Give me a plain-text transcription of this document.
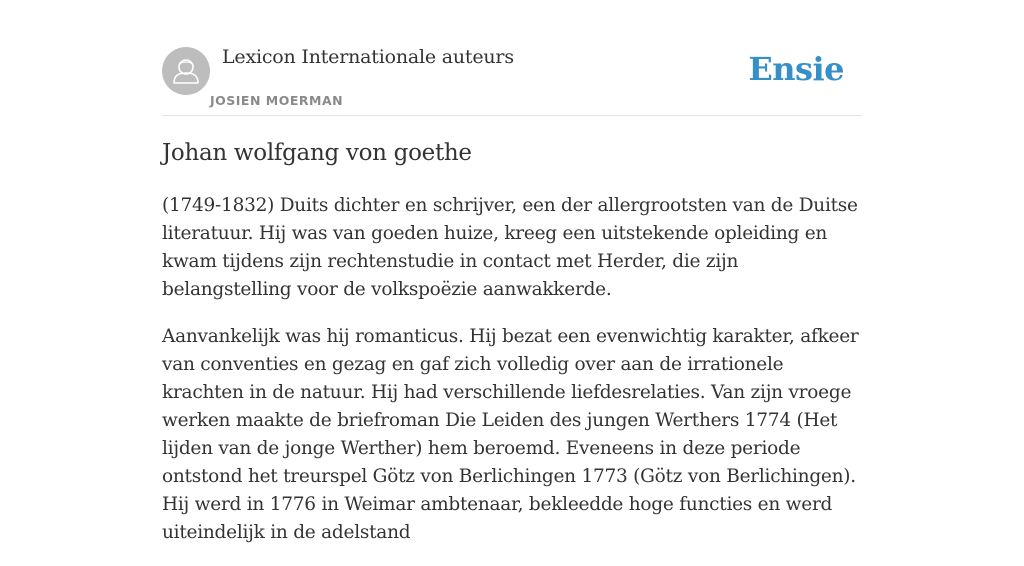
Lexicon Internationale auteurs
JOSIEN MOERMAN
Ensie
Johan wolfgang von goethe

(1749-1832) Duits dichter en schrijver, een der allergrootsten van de Duitse literatuur. Hij was van goeden huize, kreeg een uitstekende opleiding en kwam tijdens zijn rechtenstudie in contact met Herder, die zijn belangstelling voor de volkspoëzie aanwakkerde.

Aanvankelijk was hij romanticus. Hij bezat een evenwichtig karakter, afkeer van conventies en gezag en gaf zich volledig over aan de irrationele krachten in de natuur. Hij had verschillende liefdesrelaties. Van zijn vroege werken maakte de briefroman Die Leiden des jungen Werthers 1774 (Het lijden van de jonge Werther) hem beroemd. Eveneens in deze periode ontstond het treurspel Götz von Berlichingen 1773 (Götz von Berlichingen). Hij werd in 1776 in Weimar ambtenaar, bekleedde hoge functies en werd uiteindelijk in de adelstand
